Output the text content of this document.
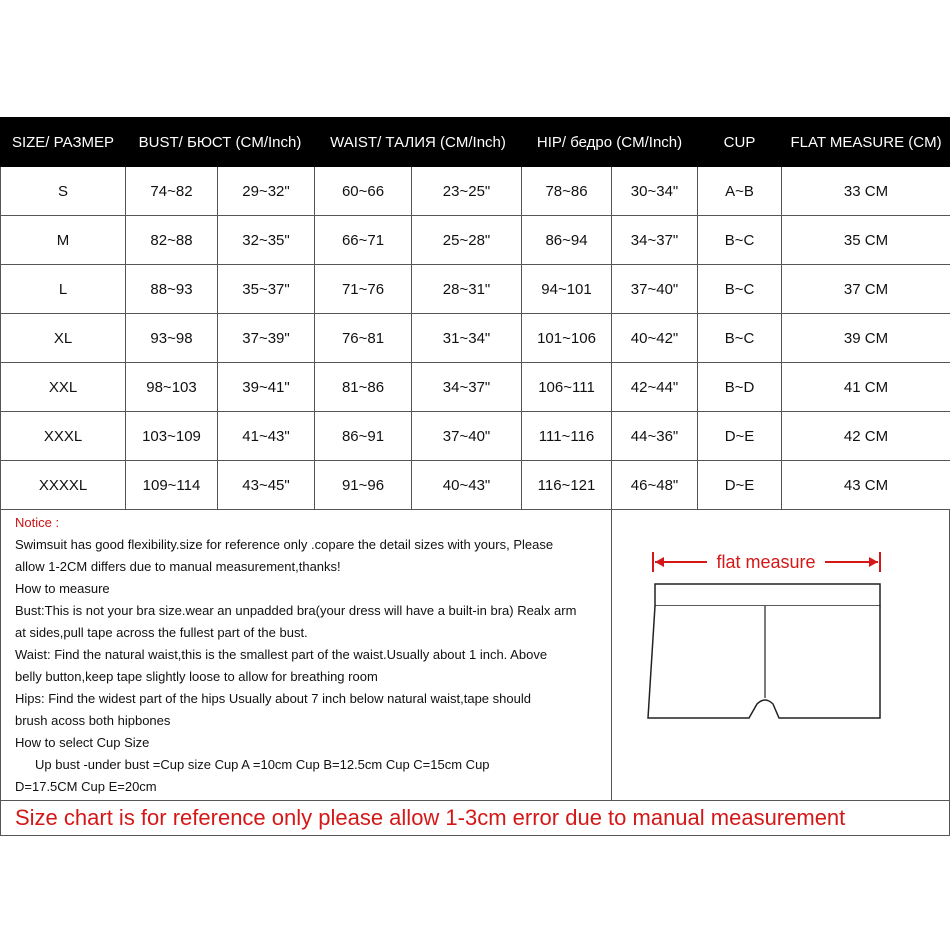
SIZE/ РАЗМЕР	BUST/ БЮСТ (CM/Inch)		WAIST/ ТАЛИЯ (CM/Inch)		HIP/ бедро (CM/Inch)		CUP	FLAT MEASURE (CM)
S	74~82	29~32"	60~66	23~25"	78~86	30~34"	A~B	33 CM
M	82~88	32~35"	66~71	25~28"	86~94	34~37"	B~C	35 CM
L	88~93	35~37"	71~76	28~31"	94~101	37~40"	B~C	37 CM
XL	93~98	37~39"	76~81	31~34"	101~106	40~42"	B~C	39 CM
XXL	98~103	39~41"	81~86	34~37"	106~111	42~44"	B~D	41 CM
XXXL	103~109	41~43"	86~91	37~40"	111~116	44~36"	D~E	42 CM
XXXXL	109~114	43~45"	91~96	40~43"	116~121	46~48"	D~E	43 CM
Notice :
Swimsuit has good flexibility.size for reference only .copare the detail sizes with yours, Please
allow 1-2CM differs due to manual measurement,thanks!
How to measure
Bust:This is not your bra size.wear an unpadded bra(your dress will have a built-in bra) Realx arm
at sides,pull tape across the fullest part of the bust.
Waist: Find the natural waist,this is the smallest part of the waist.Usually about 1 inch. Above
belly button,keep tape slightly loose to allow for breathing room
Hips: Find the widest part of the hips Usually about 7 inch below natural waist,tape should
brush acoss both hipbones
How to select Cup Size
Up bust -under bust =Cup size Cup A =10cm Cup B=12.5cm Cup C=15cm Cup
D=17.5CM Cup E=20cm
flat measure
Size chart is for reference only please allow 1-3cm error due to manual measurement
